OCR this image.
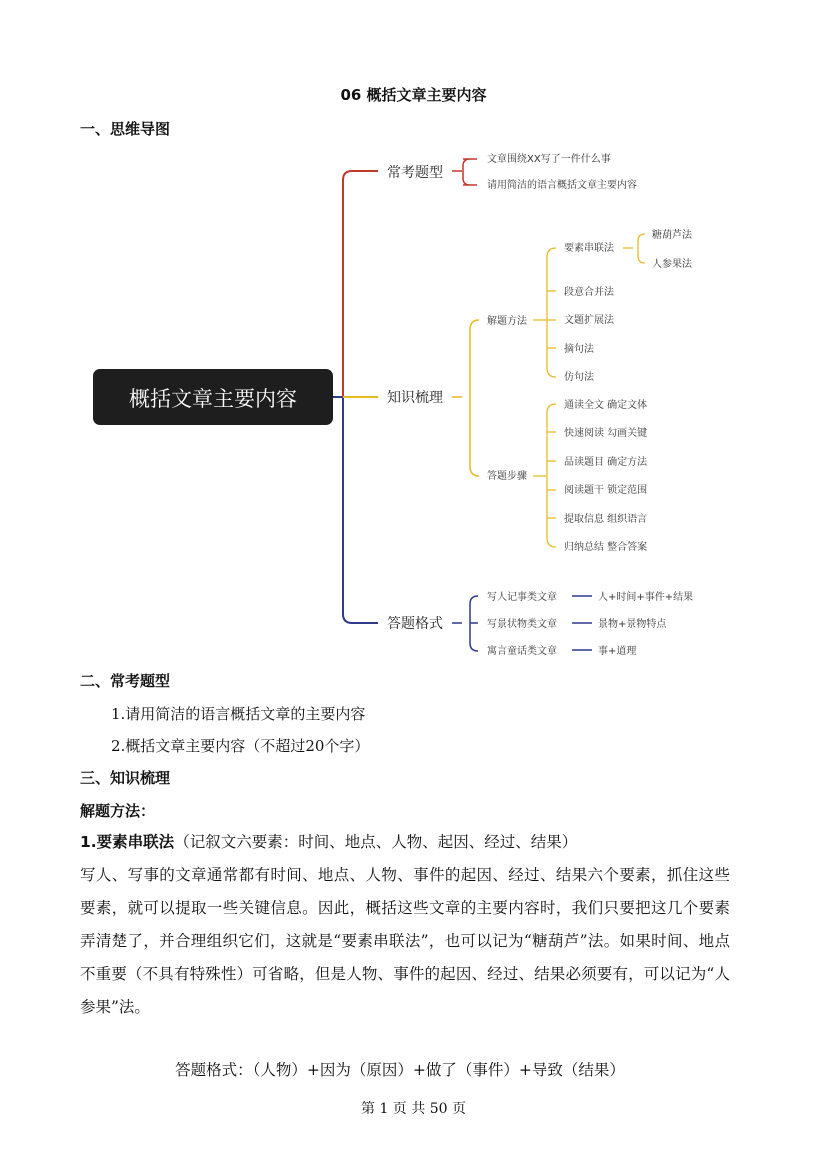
06 概括文章主要内容
一、思维导图
概括文章主要内容
常考题型
文章围绕XX写了一件什么事
请用简洁的语言概括文章主要内容
知识梳理
解题方法
答题步骤
要素串联法
段意合并法
文题扩展法
摘句法
仿句法
糖葫芦法
人参果法
通读全文 确定文体
快速阅读 勾画关键
品读题目 确定方法
阅读题干 锁定范围
提取信息 组织语言
归纳总结 整合答案
答题格式
写人记事类文章
写景状物类文章
寓言童话类文章
人+时间+事件+结果
景物+景物特点
事+道理
二、常考题型
1.请用简洁的语言概括文章的主要内容
2.概括文章主要内容（不超过20个字）
三、知识梳理
解题方法：
1.要素串联法（记叙文六要素：时间、地点、人物、起因、经过、结果）
写人、写事的文章通常都有时间、地点、人物、事件的起因、经过、结果六个要素，抓住这些要素，就可以提取一些关键信息。因此，概括这些文章的主要内容时，我们只要把这几个要素弄清楚了，并合理组织它们，这就是“要素串联法”，也可以记为“糖葫芦”法。如果时间、地点不重要（不具有特殊性）可省略，但是人物、事件的起因、经过、结果必须要有，可以记为“人参果”法。
答题格式：（人物）+因为（原因）+做了（事件）+导致（结果）
第 1 页 共 50 页
